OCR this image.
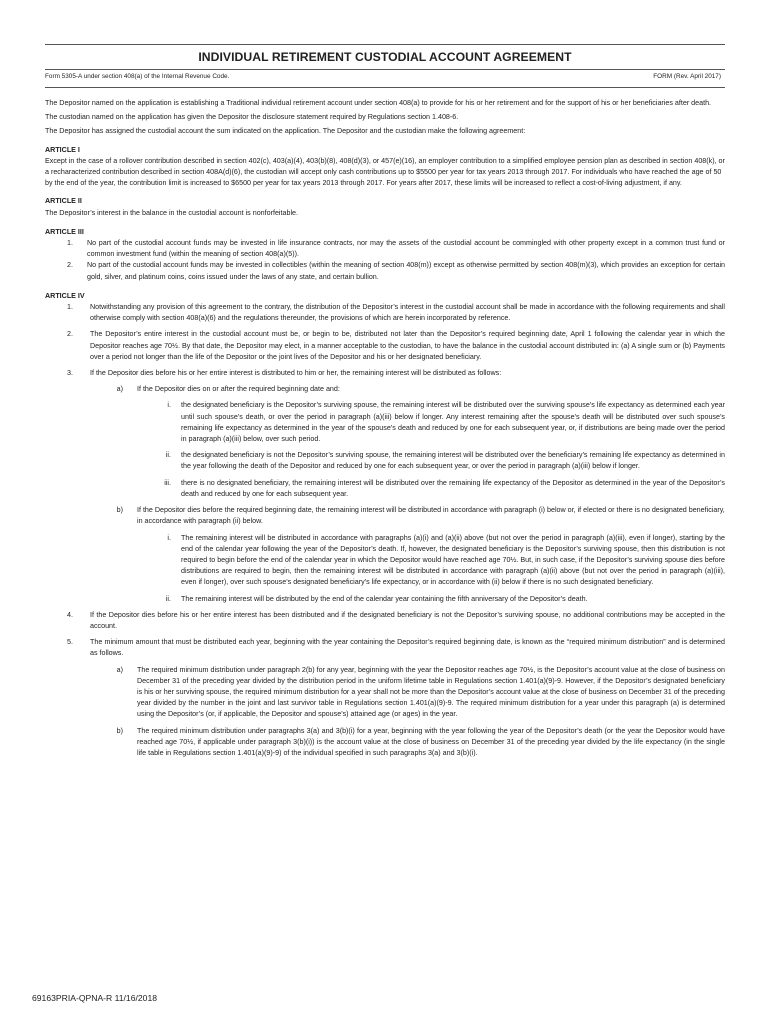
INDIVIDUAL RETIREMENT CUSTODIAL ACCOUNT AGREEMENT
Form 5305-A under section 408(a) of the Internal Revenue Code.	FORM (Rev. April 2017)

The Depositor named on the application is establishing a Traditional individual retirement account under section 408(a) to provide for his or her retirement and for the support of his or her beneficiaries after death.

The custodian named on the application has given the Depositor the disclosure statement required by Regulations section 1.408-6.

The Depositor has assigned the custodial account the sum indicated on the application. The Depositor and the custodian make the following agreement:

ARTICLE I

Except in the case of a rollover contribution described in section 402(c), 403(a)(4), 403(b)(8), 408(d)(3), or 457(e)(16), an employer contribution to a simplified employee pension plan as described in section 408(k), or a recharacterized contribution described in section 408A(d)(6), the custodian will accept only cash contributions up to $5500 per year for tax years 2013 through 2017. For individuals who have reached the age of 50 by the end of the year, the contribution limit is increased to $6500 per year for tax years 2013 through 2017. For years after 2017, these limits will be increased to reflect a cost-of-living adjustment, if any.

ARTICLE II

The Depositor’s interest in the balance in the custodial account is nonforfeitable.

ARTICLE III

1.	No part of the custodial account funds may be invested in life insurance contracts, nor may the assets of the custodial account be commingled with other property except in a common trust fund or common investment fund (within the meaning of section 408(a)(5)).
2.	No part of the custodial account funds may be invested in collectibles (within the meaning of section 408(m)) except as otherwise permitted by section 408(m)(3), which provides an exception for certain gold, silver, and platinum coins, coins issued under the laws of any state, and certain bullion.

ARTICLE IV

1.	Notwithstanding any provision of this agreement to the contrary, the distribution of the Depositor’s interest in the custodial account shall be made in accordance with the following requirements and shall otherwise comply with section 408(a)(6) and the regulations thereunder, the provisions of which are herein incorporated by reference.
2.	The Depositor’s entire interest in the custodial account must be, or begin to be, distributed not later than the Depositor’s required beginning date, April 1 following the calendar year in which the Depositor reaches age 70½. By that date, the Depositor may elect, in a manner acceptable to the custodian, to have the balance in the custodial account distributed in: (a) A single sum or (b) Payments over a period not longer than the life of the Depositor or the joint lives of the Depositor and his or her designated beneficiary.
3.	If the Depositor dies before his or her entire interest is distributed to him or her, the remaining interest will be distributed as follows:
a)	If the Depositor dies on or after the required beginning date and:
i.	the designated beneficiary is the Depositor’s surviving spouse, the remaining interest will be distributed over the surviving spouse’s life expectancy as determined each year until such spouse’s death, or over the period in paragraph (a)(iii) below if longer. Any interest remaining after the spouse’s death will be distributed over such spouse’s remaining life expectancy as determined in the year of the spouse’s death and reduced by one for each subsequent year, or, if distributions are being made over the period in paragraph (a)(iii) below, over such period.
ii.	the designated beneficiary is not the Depositor’s surviving spouse, the remaining interest will be distributed over the beneficiary’s remaining life expectancy as determined in the year following the death of the Depositor and reduced by one for each subsequent year, or over the period in paragraph (a)(iii) below if longer.
iii.	there is no designated beneficiary, the remaining interest will be distributed over the remaining life expectancy of the Depositor as determined in the year of the Depositor’s death and reduced by one for each subsequent year.
b)	If the Depositor dies before the required beginning date, the remaining interest will be distributed in accordance with paragraph (i) below or, if elected or there is no designated beneficiary, in accordance with paragraph (ii) below.
i.	The remaining interest will be distributed in accordance with paragraphs (a)(i) and (a)(ii) above (but not over the period in paragraph (a)(iii), even if longer), starting by the end of the calendar year following the year of the Depositor’s death. If, however, the designated beneficiary is the Depositor’s surviving spouse, then this distribution is not required to begin before the end of the calendar year in which the Depositor would have reached age 70½. But, in such case, if the Depositor’s surviving spouse dies before distributions are required to begin, then the remaining interest will be distributed in accordance with paragraph (a)(ii) above (but not over the period in paragraph (a)(iii), even if longer), over such spouse’s designated beneficiary’s life expectancy, or in accordance with (ii) below if there is no such designated beneficiary.
ii.	The remaining interest will be distributed by the end of the calendar year containing the fifth anniversary of the Depositor’s death.
4.	If the Depositor dies before his or her entire interest has been distributed and if the designated beneficiary is not the Depositor’s surviving spouse, no additional contributions may be accepted in the account.
5.	The minimum amount that must be distributed each year, beginning with the year containing the Depositor’s required beginning date, is known as the “required minimum distribution” and is determined as follows.
a)	The required minimum distribution under paragraph 2(b) for any year, beginning with the year the Depositor reaches age 70½, is the Depositor’s account value at the close of business on December 31 of the preceding year divided by the distribution period in the uniform lifetime table in Regulations section 1.401(a)(9)-9. However, if the Depositor’s designated beneficiary is his or her surviving spouse, the required minimum distribution for a year shall not be more than the Depositor’s account value at the close of business on December 31 of the preceding year divided by the number in the joint and last survivor table in Regulations section 1.401(a)(9)-9. The required minimum distribution for a year under this paragraph (a) is determined using the Depositor’s (or, if applicable, the Depositor and spouse’s) attained age (or ages) in the year.
b)	The required minimum distribution under paragraphs 3(a) and 3(b)(i) for a year, beginning with the year following the year of the Depositor’s death (or the year the Depositor would have reached age 70½, if applicable under paragraph 3(b)(i)) is the account value at the close of business on December 31 of the preceding year divided by the life expectancy (in the single life table in Regulations section 1.401(a)(9)-9) of the individual specified in such paragraphs 3(a) and 3(b)(i).
69163PRIA-QPNA-R 11/16/2018
